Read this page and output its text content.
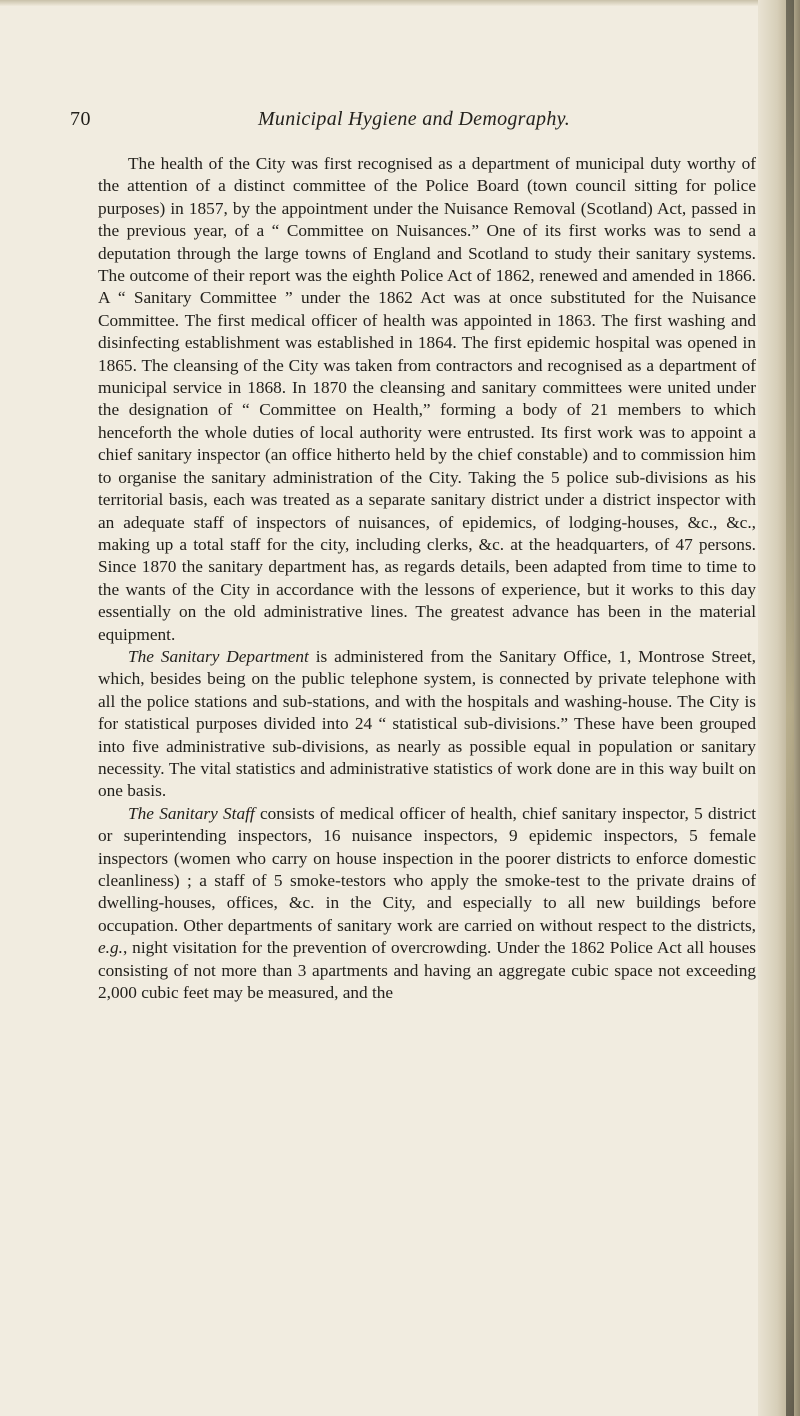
70	Municipal Hygiene and Demography.

The health of the City was first recognised as a department of municipal duty worthy of the attention of a distinct committee of the Police Board (town council sitting for police purposes) in 1857, by the appointment under the Nuisance Removal (Scotland) Act, passed in the previous year, of a “ Committee on Nuisances.” One of its first works was to send a deputation through the large towns of England and Scotland to study their sanitary systems. The outcome of their report was the eighth Police Act of 1862, renewed and amended in 1866. A “ Sanitary Committee ” under the 1862 Act was at once substituted for the Nuisance Committee. The first medical officer of health was appointed in 1863. The first washing and disinfecting establishment was established in 1864. The first epidemic hospital was opened in 1865. The cleansing of the City was taken from contractors and recognised as a department of municipal service in 1868. In 1870 the cleansing and sanitary committees were united under the designation of “ Committee on Health,” forming a body of 21 members to which henceforth the whole duties of local authority were entrusted. Its first work was to appoint a chief sanitary inspector (an office hitherto held by the chief constable) and to commission him to organise the sanitary administration of the City. Taking the 5 police sub-divisions as his territorial basis, each was treated as a separate sanitary district under a district inspector with an adequate staff of inspectors of nuisances, of epidemics, of lodging-houses, &c., &c., making up a total staff for the city, including clerks, &c. at the headquarters, of 47 persons. Since 1870 the sanitary department has, as regards details, been adapted from time to time to the wants of the City in accordance with the lessons of experience, but it works to this day essentially on the old administrative lines. The greatest advance has been in the material equipment.

The Sanitary Department is administered from the Sanitary Office, 1, Montrose Street, which, besides being on the public telephone system, is connected by private telephone with all the police stations and sub-stations, and with the hospitals and washing-house. The City is for statistical purposes divided into 24 “ statistical sub-divisions.” These have been grouped into five administrative sub-divisions, as nearly as possible equal in population or sanitary necessity. The vital statistics and administrative statistics of work done are in this way built on one basis.

The Sanitary Staff consists of medical officer of health, chief sanitary inspector, 5 district or superintending inspectors, 16 nuisance inspectors, 9 epidemic inspectors, 5 female inspectors (women who carry on house inspection in the poorer districts to enforce domestic cleanliness) ; a staff of 5 smoke-testors who apply the smoke-test to the private drains of dwelling-houses, offices, &c. in the City, and especially to all new buildings before occupation. Other departments of sanitary work are carried on without respect to the districts, e.g., night visitation for the prevention of overcrowding. Under the 1862 Police Act all houses consisting of not more than 3 apartments and having an aggregate cubic space not exceeding 2,000 cubic feet may be measured, and the
